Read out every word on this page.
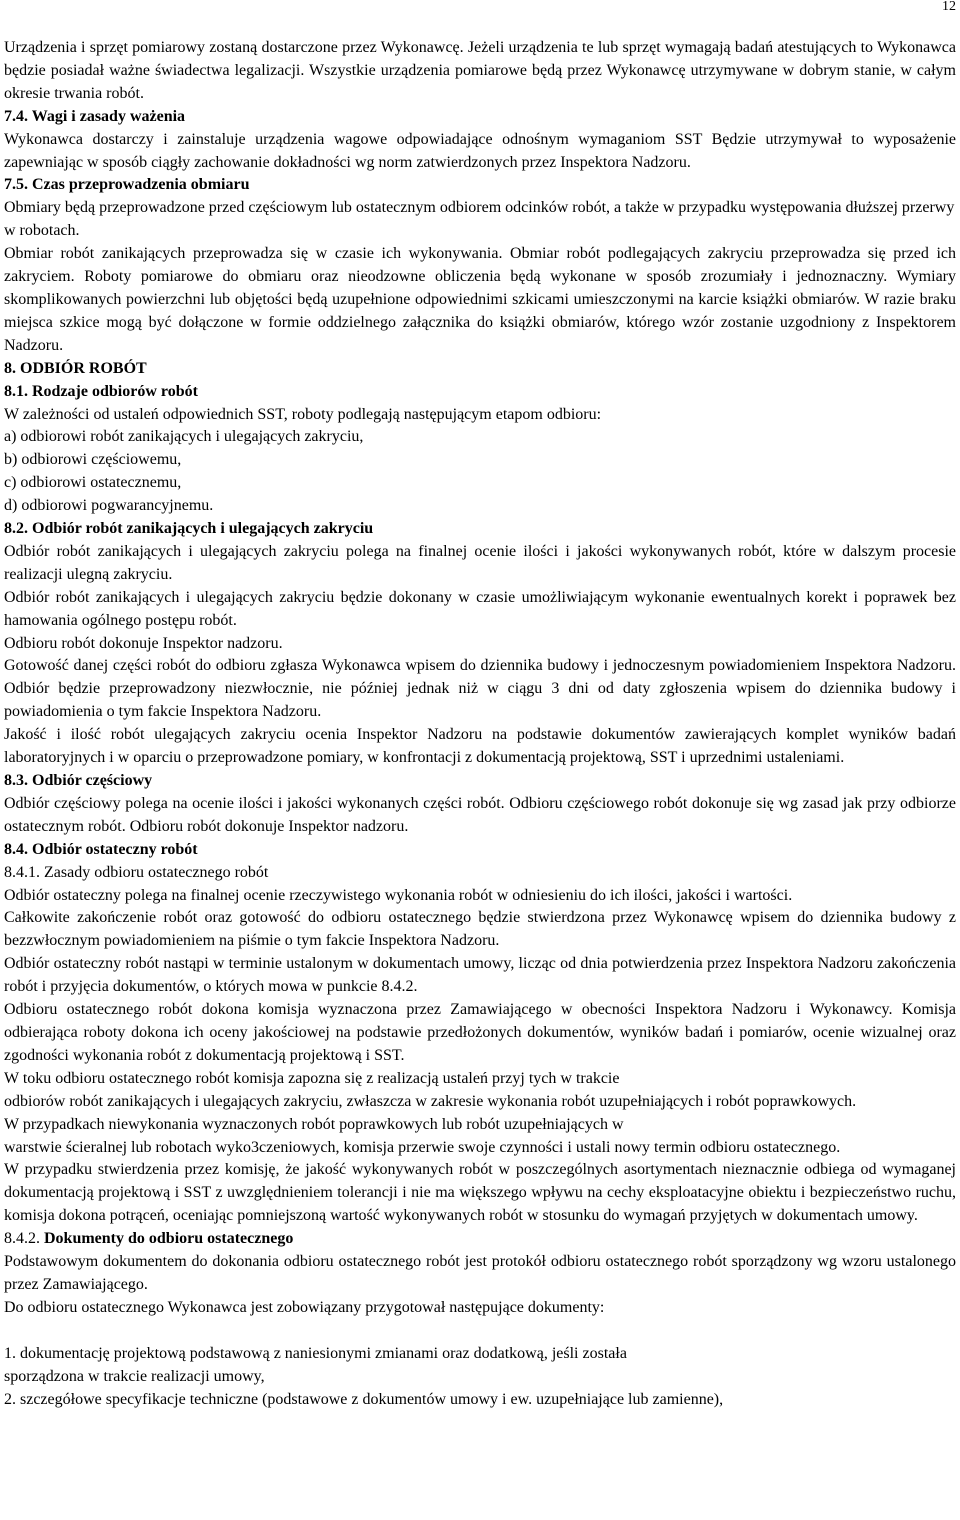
12

Urządzenia i sprzęt pomiarowy zostaną dostarczone przez Wykonawcę. Jeżeli urządzenia te lub sprzęt wymagają badań atestujących to Wykonawca będzie posiadał ważne świadectwa legalizacji. Wszystkie urządzenia pomiarowe będą przez Wykonawcę utrzymywane w dobrym stanie, w całym okresie trwania robót.

7.4. Wagi i zasady ważenia

Wykonawca dostarczy i zainstaluje urządzenia wagowe odpowiadające odnośnym wymaganiom SST Będzie utrzymywał to wyposażenie zapewniając w sposób ciągły zachowanie dokładności wg norm zatwierdzonych przez Inspektora Nadzoru.

7.5. Czas przeprowadzenia obmiaru

Obmiary będą przeprowadzone przed częściowym lub ostatecznym odbiorem odcinków robót, a także w przypadku występowania dłuższej przerwy w robotach.

Obmiar robót zanikających przeprowadza się w czasie ich wykonywania. Obmiar robót podlegających zakryciu przeprowadza się przed ich zakryciem. Roboty pomiarowe do obmiaru oraz nieodzowne obliczenia będą wykonane w sposób zrozumiały i jednoznaczny. Wymiary skomplikowanych powierzchni lub objętości będą uzupełnione odpowiednimi szkicami umieszczonymi na karcie książki obmiarów. W razie braku miejsca szkice mogą być dołączone w formie oddzielnego załącznika do książki obmiarów, którego wzór zostanie uzgodniony z Inspektorem Nadzoru.

8. ODBIÓR ROBÓT

8.1. Rodzaje odbiorów robót

W zależności od ustaleń odpowiednich SST, roboty podlegają następującym etapom odbioru:

a) odbiorowi robót zanikających i ulegających zakryciu,

b) odbiorowi częściowemu,

c) odbiorowi ostatecznemu,

d) odbiorowi pogwarancyjnemu.

8.2. Odbiór robót zanikających i ulegających zakryciu

Odbiór robót zanikających i ulegających zakryciu polega na finalnej ocenie ilości i jakości wykonywanych robót, które w dalszym procesie realizacji ulegną zakryciu.

Odbiór robót zanikających i ulegających zakryciu będzie dokonany w czasie umożliwiającym wykonanie ewentualnych korekt i poprawek bez hamowania ogólnego postępu robót.

Odbioru robót dokonuje Inspektor nadzoru.

Gotowość danej części robót do odbioru zgłasza Wykonawca wpisem do dziennika budowy i jednoczesnym powiadomieniem Inspektora Nadzoru. Odbiór będzie przeprowadzony niezwłocznie, nie później jednak niż w ciągu 3 dni od daty zgłoszenia wpisem do dziennika budowy i powiadomienia o tym fakcie Inspektora Nadzoru.

Jakość i ilość robót ulegających zakryciu ocenia Inspektor Nadzoru na podstawie dokumentów zawierających komplet wyników badań laboratoryjnych i w oparciu o przeprowadzone pomiary, w konfrontacji z dokumentacją projektową, SST i uprzednimi ustaleniami.

8.3. Odbiór częściowy

Odbiór częściowy polega na ocenie ilości i jakości wykonanych części robót. Odbioru częściowego robót dokonuje się wg zasad jak przy odbiorze ostatecznym robót. Odbioru robót dokonuje Inspektor nadzoru.

8.4. Odbiór ostateczny robót

8.4.1. Zasady odbioru ostatecznego robót

Odbiór ostateczny polega na finalnej ocenie rzeczywistego wykonania robót w odniesieniu do ich ilości, jakości i wartości.

Całkowite zakończenie robót oraz gotowość do odbioru ostatecznego będzie stwierdzona przez Wykonawcę wpisem do dziennika budowy z bezzwłocznym powiadomieniem na piśmie o tym fakcie Inspektora Nadzoru.

Odbiór ostateczny robót nastąpi w terminie ustalonym w dokumentach umowy, licząc od dnia potwierdzenia przez Inspektora Nadzoru zakończenia robót i przyjęcia dokumentów, o których mowa w punkcie 8.4.2.

Odbioru ostatecznego robót dokona komisja wyznaczona przez Zamawiającego w obecności Inspektora Nadzoru i Wykonawcy. Komisja odbierająca roboty dokona ich oceny jakościowej na podstawie przedłożonych dokumentów, wyników badań i pomiarów, ocenie wizualnej oraz zgodności wykonania robót z dokumentacją projektową i SST.

W toku odbioru ostatecznego robót komisja zapozna się z realizacją ustaleń przyj tych w trakcie

odbiorów robót zanikających i ulegających zakryciu, zwłaszcza w zakresie wykonania robót uzupełniających i robót poprawkowych.

W przypadkach niewykonania wyznaczonych robót poprawkowych lub robót uzupełniających w

warstwie ścieralnej lub robotach wyko3czeniowych, komisja przerwie swoje czynności i ustali nowy termin odbioru ostatecznego.

W przypadku stwierdzenia przez komisję, że jakość wykonywanych robót w poszczególnych asortymentach nieznacznie odbiega od wymaganej dokumentacją projektową i SST z uwzględnieniem tolerancji i nie ma większego wpływu na cechy eksploatacyjne obiektu i bezpieczeństwo ruchu, komisja dokona potrąceń, oceniając pomniejszoną wartość wykonywanych robót w stosunku do wymagań przyjętych w dokumentach umowy.

8.4.2. Dokumenty do odbioru ostatecznego

Podstawowym dokumentem do dokonania odbioru ostatecznego robót jest protokół odbioru ostatecznego robót sporządzony wg wzoru ustalonego przez Zamawiającego.

Do odbioru ostatecznego Wykonawca jest zobowiązany przygotował następujące dokumenty:

1. dokumentację projektową podstawową z naniesionymi zmianami oraz dodatkową, jeśli została

sporządzona w trakcie realizacji umowy,

2. szczegółowe specyfikacje techniczne (podstawowe z dokumentów umowy i ew. uzupełniające lub zamienne),
